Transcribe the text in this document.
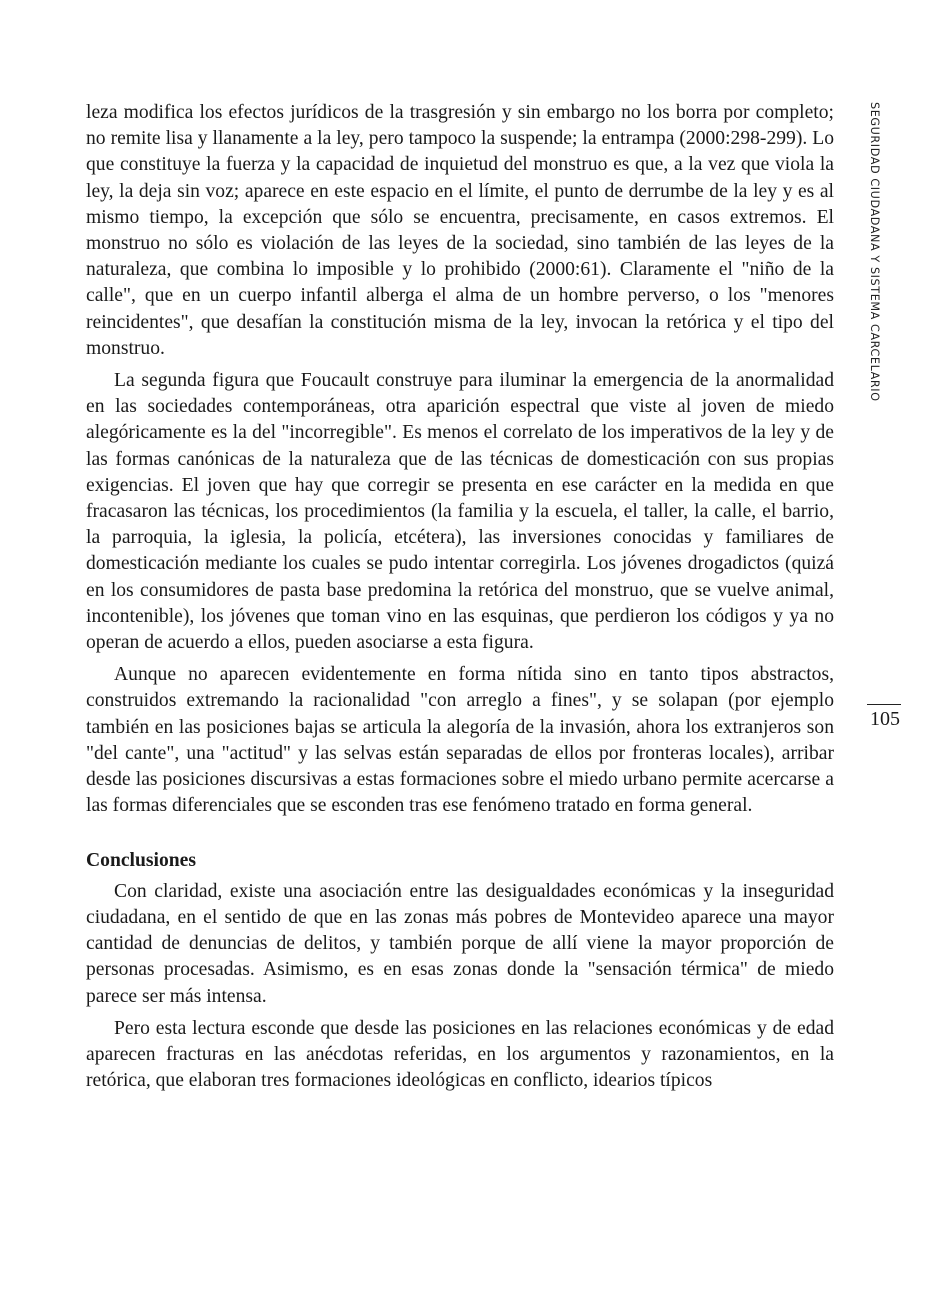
leza modifica los efectos jurídicos de la trasgresión y sin embargo no los borra por completo; no remite lisa y llanamente a la ley, pero tampoco la suspende; la entrampa (2000:298-299). Lo que constituye la fuerza y la capacidad de inquietud del monstruo es que, a la vez que viola la ley, la deja sin voz; aparece en este espacio en el límite, el punto de derrumbe de la ley y es al mismo tiempo, la excepción que sólo se encuentra, precisamente, en casos extremos. El monstruo no sólo es violación de las leyes de la sociedad, sino también de las leyes de la naturaleza, que combina lo imposible y lo prohibido (2000:61). Claramente el "niño de la calle", que en un cuerpo infantil alberga el alma de un hombre perverso, o los "menores reincidentes", que desafían la constitución misma de la ley, invocan la retórica y el tipo del monstruo.

La segunda figura que Foucault construye para iluminar la emergencia de la anormalidad en las sociedades contemporáneas, otra aparición espectral que viste al joven de miedo alegóricamente es la del "incorregible". Es menos el correlato de los imperativos de la ley y de las formas canónicas de la naturaleza que de las técnicas de domesticación con sus propias exigencias. El joven que hay que corregir se presenta en ese carácter en la medida en que fracasaron las técnicas, los procedimientos (la familia y la escuela, el taller, la calle, el barrio, la parroquia, la iglesia, la policía, etcétera), las inversiones conocidas y familiares de domesticación mediante los cuales se pudo intentar corregirla. Los jóvenes drogadictos (quizá en los consumidores de pasta base predomina la retórica del monstruo, que se vuelve animal, incontenible), los jóvenes que toman vino en las esquinas, que perdieron los códigos y ya no operan de acuerdo a ellos, pueden asociarse a esta figura.

Aunque no aparecen evidentemente en forma nítida sino en tanto tipos abstractos, construidos extremando la racionalidad "con arreglo a fines", y se solapan (por ejemplo también en las posiciones bajas se articula la alegoría de la invasión, ahora los extranjeros son "del cante", una "actitud" y las selvas están separadas de ellos por fronteras locales), arribar desde las posiciones discursivas a estas formaciones sobre el miedo urbano permite acercarse a las formas diferenciales que se esconden tras ese fenómeno tratado en forma general.

Conclusiones

Con claridad, existe una asociación entre las desigualdades económicas y la inseguridad ciudadana, en el sentido de que en las zonas más pobres de Montevideo aparece una mayor cantidad de denuncias de delitos, y también porque de allí viene la mayor proporción de personas procesadas. Asimismo, es en esas zonas donde la "sensación térmica" de miedo parece ser más intensa.

Pero esta lectura esconde que desde las posiciones en las relaciones económicas y de edad aparecen fracturas en las anécdotas referidas, en los argumentos y razonamientos, en la retórica, que elaboran tres formaciones ideológicas en conflicto, idearios típicos

SEGURIDAD CIUDADANA Y SISTEMA CARCELARIO
105
